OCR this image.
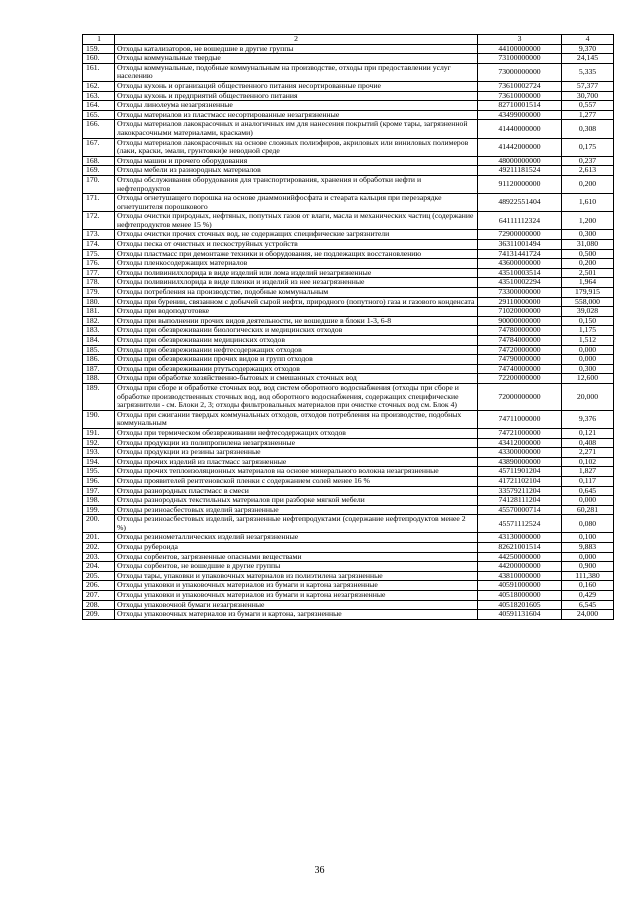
1	2	3	4
159.	Отходы катализаторов, не вошедшие в другие группы	44100000000	9,370
160.	Отходы коммунальные твердые	73100000000	24,145
161.	Отходы коммунальные, подобные коммунальным на производстве, отходы при предоставлении услуг населению	73000000000	5,335
162.	Отходы кухонь и организаций общественного питания несортированные прочие	73610002724	57,377
163.	Отходы кухонь и предприятий общественного питания	73610000000	30,700
164.	Отходы линолеума незагрязненные	82710001514	0,557
165.	Отходы материалов из пластмасс несортированные незагрязненные	43499000000	1,277
166.	Отходы материалов лакокрасочных и аналогичных им для нанесения покрытий (кроме тары, загрязненной лакокрасочными материалами, красками)	41440000000	0,308
167.	Отходы материалов лакокрасочных на основе сложных полиэфиров, акриловых или виниловых полимеров (лаки, краски, эмали, грунтовки)е неводной среде	41442000000	0,175
168.	Отходы машин и прочего оборудования	48000000000	0,237
169.	Отходы мебели из разнородных материалов	49211181524	2,613
170.	Отходы обслуживания оборудования для транспортирования, хранения и обработки нефти и нефтепродуктов	91120000000	0,200
171.	Отходы огнетушащего порошка на основе диаммонийфосфата и стеарата кальция при перезарядке огнетушителя порошкового	48922551404	1,610
172.	Отходы очистки природных, нефтяных, попутных газов от влаги, масла и механических частиц (содержание нефтепродуктов менее 15 %)	64111112324	1,200
173.	Отходы очистки прочих сточных вод, не содержащих специфические загрязнители	72900000000	0,300
174.	Отходы песка от очистных и пескоструйных устройств	36311001494	31,080
175.	Отходы пластмасс при демонтаже техники и оборудования, не подлежащих восстановлению	74131441724	0,500
176.	Отходы пленкосодержащих материалов	43600000000	0,200
177.	Отходы поливинилхлорида в виде изделий или лома изделий незагрязненные	43510003514	2,501
178.	Отходы поливинилхлорида в виде пленки и изделий из нее незагрязненные	43510002294	1,964
179.	Отходы потребления на производстве, подобные коммунальным	73300000000	179,915
180.	Отходы при бурении, связанном с добычей сырой нефти, природного (попутного) газа и газового конденсата	29110000000	558,000
181.	Отходы при водоподготовке	71020000000	39,028
182.	Отходы при выполнении прочих видов деятельности, не вошедшие в блоки 1-3, 6-8	90000000000	0,150
183.	Отходы при обезвреживании биологических и медицинских отходов	74780000000	1,175
184.	Отходы при обезвреживании медицинских отходов	74784000000	1,512
185.	Отходы при обезвреживании нефтесодержащих отходов	74720000000	0,000
186.	Отходы при обезвреживании прочих видов и групп отходов	74790000000	0,000
187.	Отходы при обезвреживании ртутьсодержащих отходов	74740000000	0,300
188.	Отходы при обработке хозяйственно-бытовых и смешанных сточных вод	72200000000	12,600
189.	Отходы при сборе и обработке сточных вод, вод систем оборотного водоснабжения (отходы при сборе и обработке производственных сточных вод, вод оборотного водоснабжения, содержащих специфические загрязнители - см. Блоки 2, 3; отходы фильтровальных материалов при очистке сточных вод см. Блок 4)	72000000000	20,000
190.	Отходы при сжигании твердых коммунальных отходов, отходов потребления на производстве, подобных коммунальным	74711000000	9,376
191.	Отходы при термическом обезвреживании нефтесодержащих отходов	74721000000	0,121
192.	Отходы продукции из полипропилена незагрязненные	43412000000	0,408
193.	Отходы продукции из резины загрязненные	43300000000	2,271
194.	Отходы прочих изделий из пластмасс загрязненные	43890000000	0,102
195.	Отходы прочих теплоизоляционных материалов на основе минерального волокна незагрязненные	45711901204	1,827
196.	Отходы проявителей рентгеновской пленки с содержанием солей менее 16 %	41721102104	0,117
197.	Отходы разнородных пластмасс в смеси	33579211204	0,645
198.	Отходы разнородных текстильных материалов при разборке мягкой мебели	74128111204	0,000
199.	Отходы резиноасбестовых изделий загрязненные	45570000714	60,281
200.	Отходы резиноасбестовых изделий, загрязненные нефтепродуктами (содержание нефтепродуктов менее 2 %)	45571112524	0,080
201.	Отходы резинометаллических изделий незагрязненные	43130000000	0,100
202.	Отходы рубероида	82621001514	9,883
203.	Отходы сорбентов, загрязненные опасными веществами	44250000000	0,000
204.	Отходы сорбентов, не вошедшие в другие группы	44200000000	0,900
205.	Отходы тары, упаковки и упаковочных материалов из полиэтилена загрязненные	43810000000	111,380
206.	Отходы упаковки и упаковочных материалов из бумаги и картона загрязненные	40591000000	0,160
207.	Отходы упаковки и упаковочных материалов из бумаги и картона незагрязненные	40518000000	0,429
208.	Отходы упаковочной бумаги незагрязненные	40518201605	6,545
209.	Отходы упаковочных материалов из бумаги и картона, загрязненные	40591131604	24,000
36
